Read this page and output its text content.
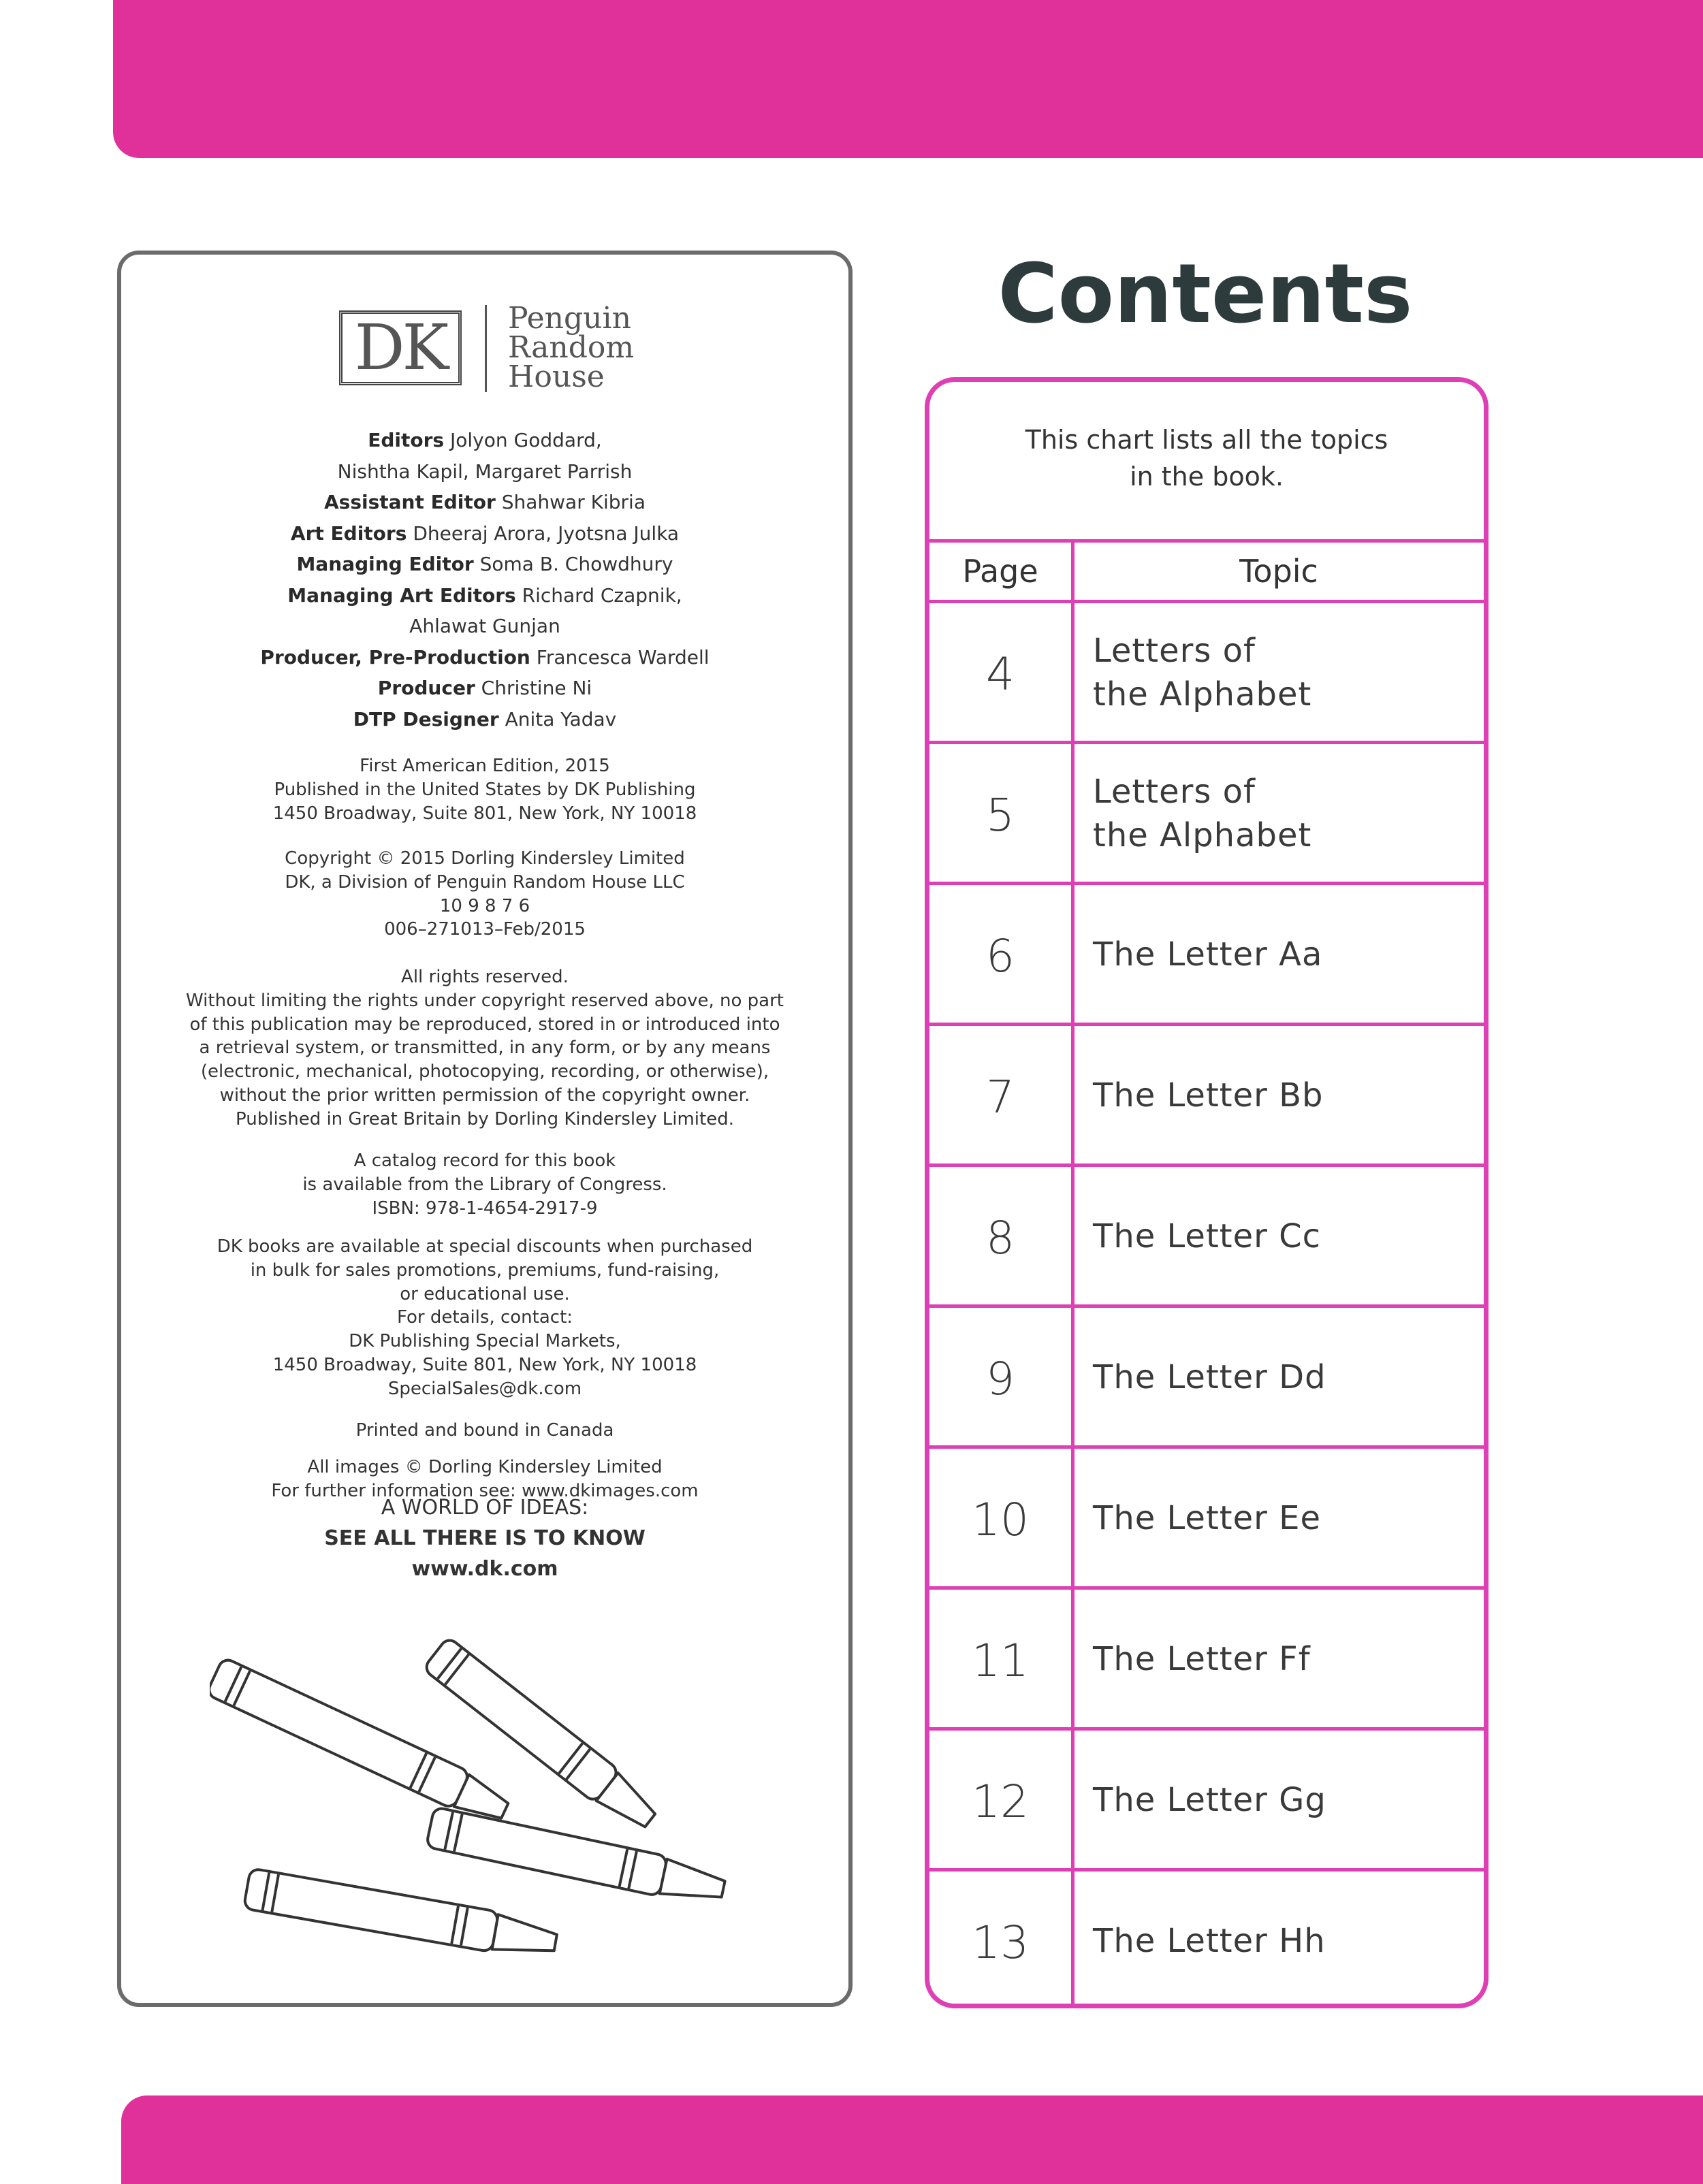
DK	Penguin
Random
House
Editors Jolyon Goddard,
Nishtha Kapil, Margaret Parrish
Assistant Editor Shahwar Kibria
Art Editors Dheeraj Arora, Jyotsna Julka
Managing Editor Soma B. Chowdhury
Managing Art Editors Richard Czapnik,
Ahlawat Gunjan
Producer, Pre-Production Francesca Wardell
Producer Christine Ni
DTP Designer Anita Yadav
First American Edition, 2015
Published in the United States by DK Publishing
1450 Broadway, Suite 801, New York, NY 10018
Copyright © 2015 Dorling Kindersley Limited
DK, a Division of Penguin Random House LLC
10 9 8 7 6
006–271013–Feb/2015
All rights reserved.
Without limiting the rights under copyright reserved above, no part
of this publication may be reproduced, stored in or introduced into
a retrieval system, or transmitted, in any form, or by any means
(electronic, mechanical, photocopying, recording, or otherwise),
without the prior written permission of the copyright owner.
Published in Great Britain by Dorling Kindersley Limited.
A catalog record for this book
is available from the Library of Congress.
ISBN: 978-1-4654-2917-9
DK books are available at special discounts when purchased
in bulk for sales promotions, premiums, fund-raising,
or educational use.
For details, contact:
DK Publishing Special Markets,
1450 Broadway, Suite 801, New York, NY 10018
SpecialSales@dk.com
Printed and bound in Canada
All images © Dorling Kindersley Limited
For further information see: www.dkimages.com
A WORLD OF IDEAS:
SEE ALL THERE IS TO KNOW
www.dk.com
Contents
This chart lists all the topics
in the book.
Page	Topic
4	Letters of
the Alphabet
5	Letters of
the Alphabet
6	The Letter Aa
7	The Letter Bb
8	The Letter Cc
9	The Letter Dd
10	The Letter Ee
11	The Letter Ff
12	The Letter Gg
13	The Letter Hh
